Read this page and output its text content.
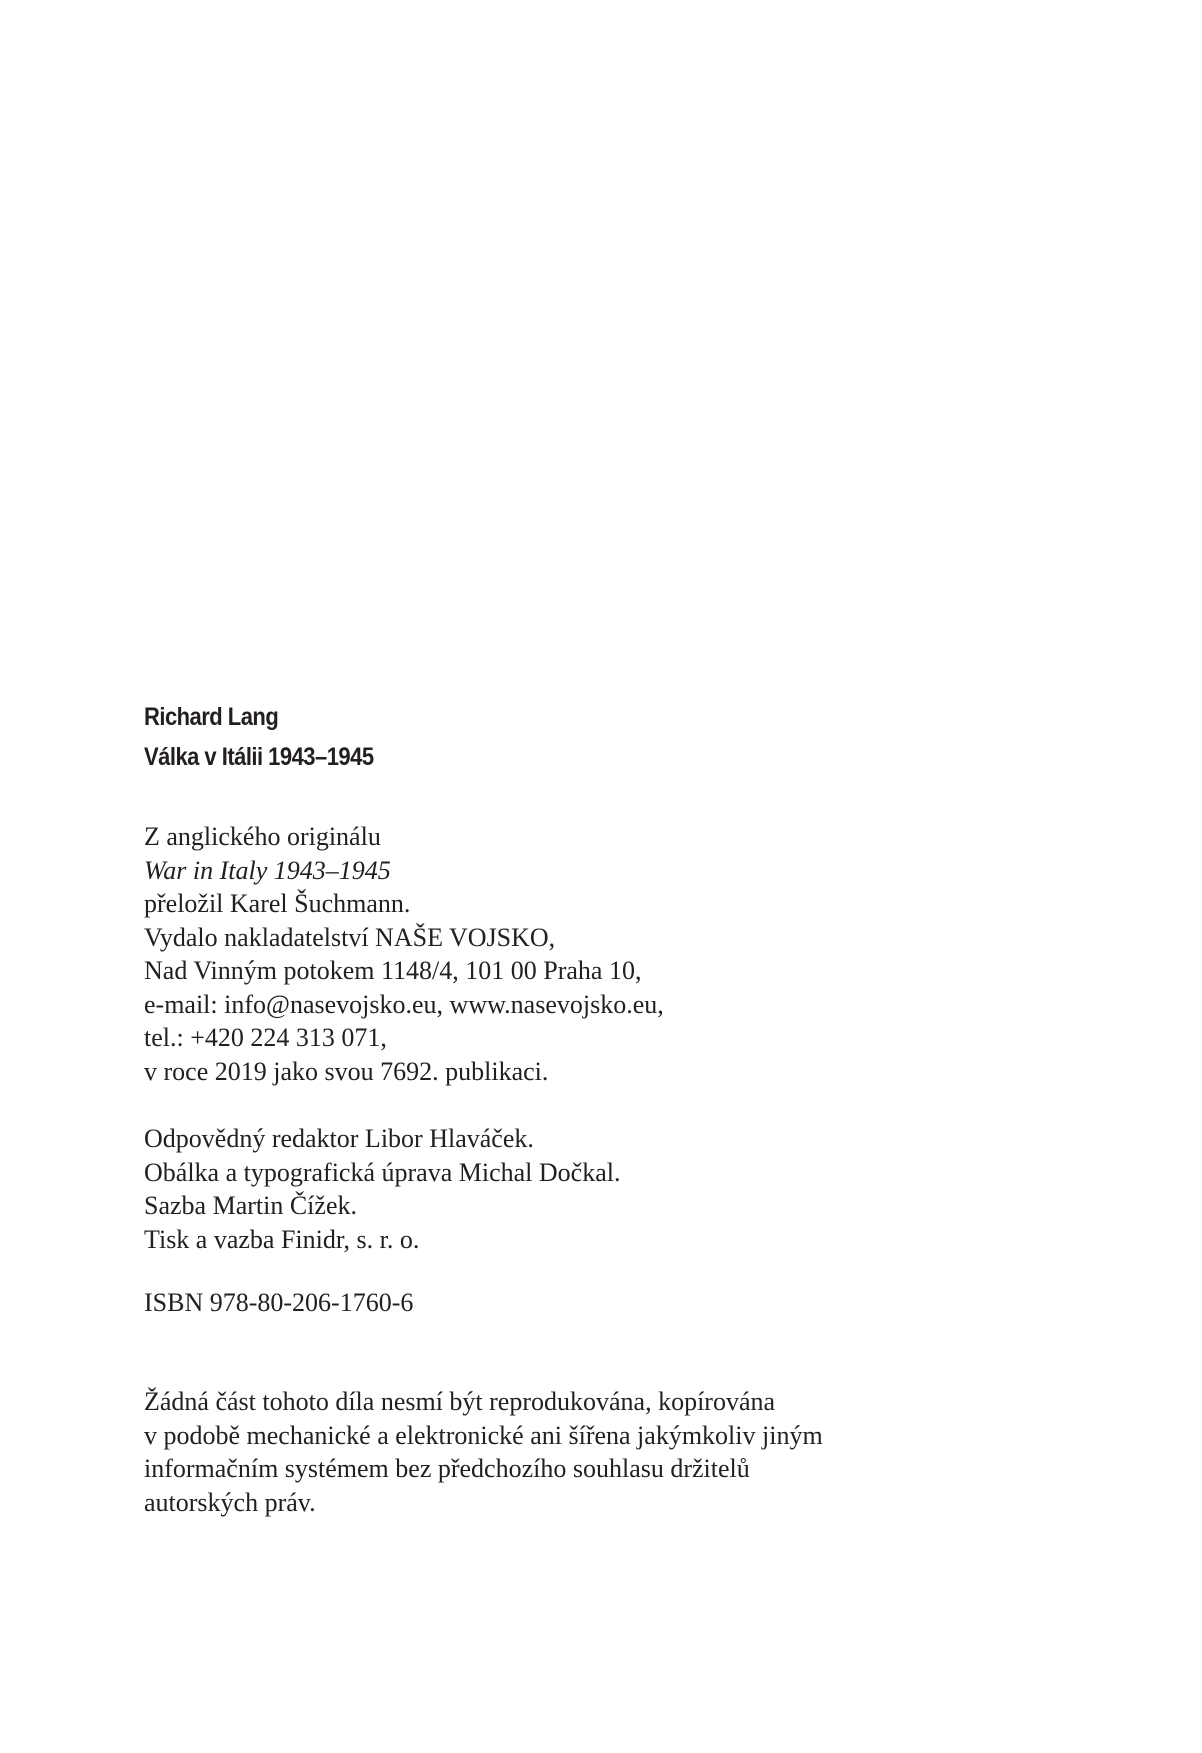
Richard Lang
Válka v Itálii 1943–1945
Z anglického originálu
War in Italy 1943–1945
přeložil Karel Šuchmann.
Vydalo nakladatelství NAŠE VOJSKO,
Nad Vinným potokem 1148/4, 101 00 Praha 10,
e-mail: info@nasevojsko.eu, www.nasevojsko.eu,
tel.: +420 224 313 071,
v roce 2019 jako svou 7692. publikaci.
Odpovědný redaktor Libor Hlaváček.
Obálka a typografická úprava Michal Dočkal.
Sazba Martin Čížek.
Tisk a vazba Finidr, s. r. o.
ISBN 978-80-206-1760-6
Žádná část tohoto díla nesmí být reprodukována, kopírována
v podobě mechanické a elektronické ani šířena jakýmkoliv jiným
informačním systémem bez předchozího souhlasu držitelů
autorských práv.
